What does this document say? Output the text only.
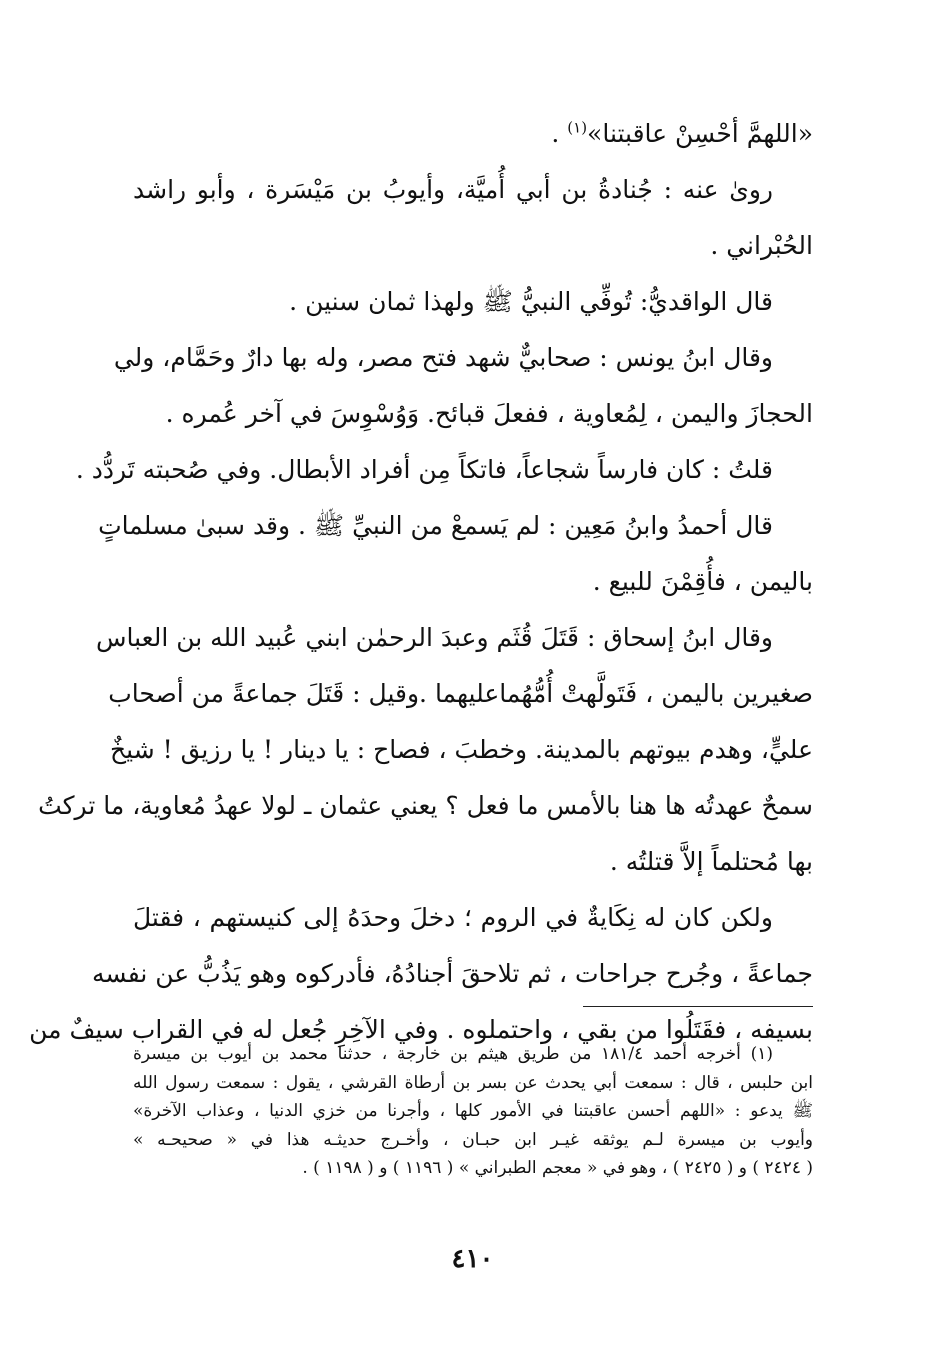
«اللهمَّ أحْسِنْ عاقبتنا»$^{(١)}$ .
روىٰ عنه : جُنادةُ بن أبي أُميَّة، وأيوبُ بن مَيْسَرة ، وأبو راشد
الحُبْراني .
قال الواقديُّ: تُوفِّي النبيُّ ﷺ ولهذا ثمان سنين .
وقال ابنُ يونس : صحابيٌّ شهد فتح مصر، وله بها دارٌ وحَمَّام، ولي
الحجازَ واليمن ، لِمُعاوية ، ففعلَ قبائح. وَوُسْوِسَ في آخر عُمره .
قلتُ : كان فارساً شجاعاً، فاتكاً مِن أفراد الأبطال. وفي صُحبته تَردُّد .
قال أحمدُ وابنُ مَعِين : لم يَسمعْ من النبيِّ ﷺ . وقد سبىٰ مسلماتٍ
باليمن ، فأُقِمْنَ للبيع .
وقال ابنُ إسحاق : قَتَلَ قُثَم وعبدَ الرحمٰن ابني عُبيد الله بن العباس
صغيرين باليمن ، فَتَولَّهتْ أُمُّهُماعليهما .وقيل : قَتَلَ جماعةً من أصحاب
عليٍّ، وهدم بيوتهم بالمدينة. وخطبَ ، فصاح : يا دينار ! يا رزيق ! شيخٌ
سمحٌ عهدتُه ها هنا بالأمس ما فعل ؟ يعني عثمان ـ لولا عهدُ مُعاوية، ما تركتُ
بها مُحتلماً إلاَّ قتلتُه .
ولكن كان له نِكَايةٌ في الروم ؛ دخلَ وحدَهُ إلى كنيستهم ، فقتلَ
جماعةً ، وجُرح جراحات ، ثم تلاحقَ أجنادُهُ، فأدركوه وهو يَذُبُّ عن نفسه
بسيفه ، فقَتَلُوا من بقي ، واحتملوه . وفي الآخِرِ جُعل له في القراب سيفٌ من
(١) أخرجه أحمد ١٨١/٤ من طريق هيثم بن خارجة ، حدثنا محمد بن أيوب بن ميسرة
ابن حلبس ، قال : سمعت أبي يحدث عن بسر بن أرطاة القرشي ، يقول : سمعت رسول الله
ﷺ يدعو : «اللهم أحسن عاقبتنا في الأمور كلها ، وأجرنا من خزي الدنيا ، وعذاب الآخرة»
وأيوب بن ميسرة لـم يوثقه غيـر ابن حبـان ، وأخـرج حديثـه هذا في « صحيحـه »
( ٢٤٢٤ ) و ( ٢٤٢٥ ) ، وهو في « معجم الطبراني » ( ١١٩٦ ) و ( ١١٩٨ ) .
٤١٠
